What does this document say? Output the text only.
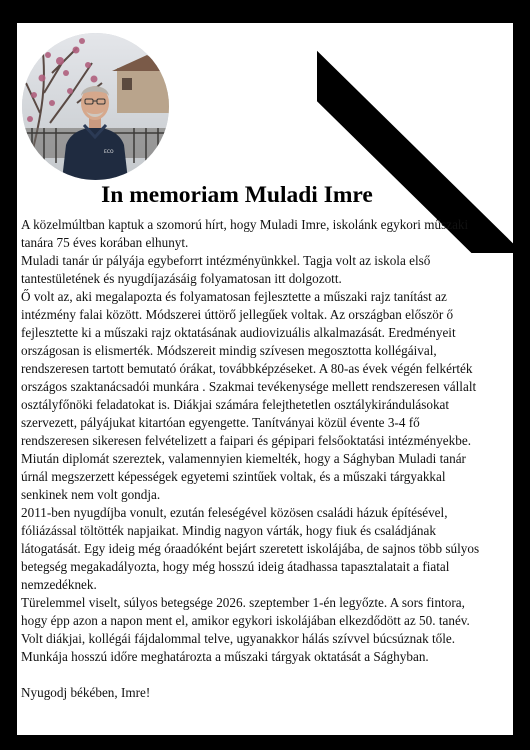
ECO
In memoriam Muladi Imre
A közelmúltban kaptuk a szomorú hírt, hogy Muladi Imre, iskolánk egykori műszaki
tanára 75 éves korában elhunyt.
Muladi tanár úr pályája egybeforrt intézményünkkel. Tagja volt az iskola első
tantestületének és nyugdíjazásáig folyamatosan itt dolgozott.
Ő volt az, aki megalapozta és folyamatosan fejlesztette a műszaki rajz tanítást az
intézmény falai között. Módszerei úttörő jellegűek voltak. Az országban először ő
fejlesztette ki a műszaki rajz oktatásának audiovizuális alkalmazását. Eredményeit
országosan is elismerték. Módszereit mindig szívesen megosztotta kollégáival,
rendszeresen tartott bemutató órákat, továbbképzéseket. A 80-as évek végén felkérték
országos szaktanácsadói munkára . Szakmai tevékenysége mellett rendszeresen vállalt
osztályfőnöki feladatokat is. Diákjai számára felejthetetlen osztálykirándulásokat
szervezett, pályájukat kitartóan egyengette. Tanítványai közül évente 3-4 fő
rendszeresen sikeresen felvételizett a faipari és gépipari felsőoktatási intézményekbe.
Miután diplomát szereztek, valamennyien kiemelték, hogy a Sághyban Muladi tanár
úrnál megszerzett képességek egyetemi szintűek voltak, és a műszaki tárgyakkal
senkinek nem volt gondja.
2011-ben nyugdíjba vonult, ezután feleségével közösen családi házuk építésével,
fóliázással töltötték napjaikat. Mindig nagyon várták, hogy fiuk és családjának
látogatását. Egy ideig még óraadóként bejárt szeretett iskolájába, de sajnos több súlyos
betegség megakadályozta, hogy még hosszú ideig átadhassa tapasztalatait a fiatal
nemzedéknek.
Türelemmel viselt, súlyos betegsége 2026. szeptember 1-én legyőzte. A sors fintora,
hogy épp azon a napon ment el, amikor egykori iskolájában elkezdődött az 50. tanév.
Volt diákjai, kollégái fájdalommal telve, ugyanakkor hálás szívvel búcsúznak tőle.
Munkája hosszú időre meghatározta a műszaki tárgyak oktatását a Sághyban.
Nyugodj békében, Imre!
